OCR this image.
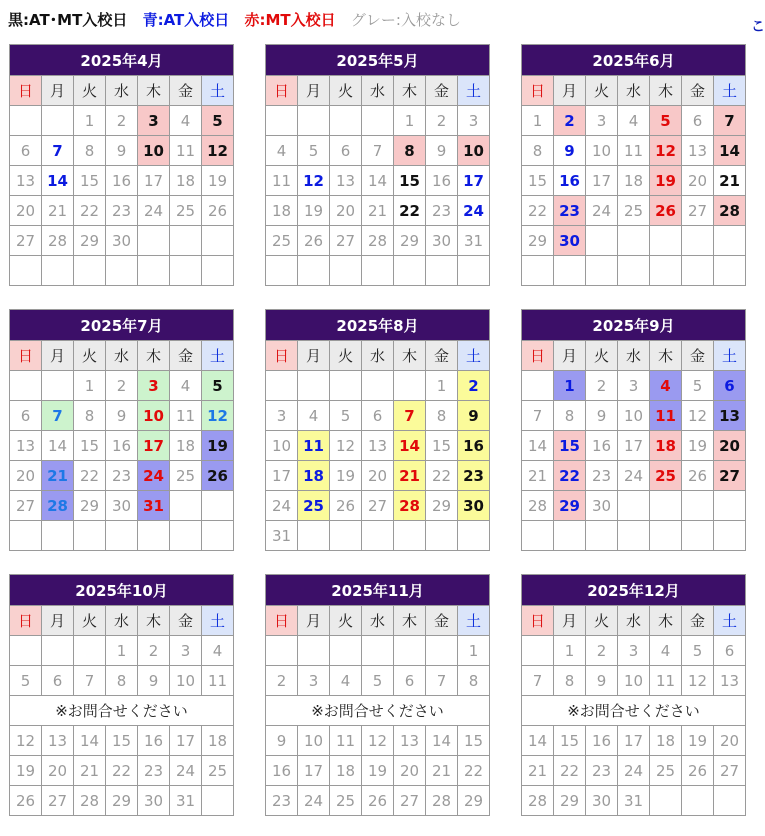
黒:AT･MT入校日 青:AT入校日 赤:MT入校日 グレー:入校なし	こ
2025年4月						
日	月	火	水	木	金	土
		1	2	3	4	5
6	7	8	9	10	11	12
13	14	15	16	17	18	19
20	21	22	23	24	25	26
27	28	29	30			

2025年5月						
日	月	火	水	木	金	土
				1	2	3
4	5	6	7	8	9	10
11	12	13	14	15	16	17
18	19	20	21	22	23	24
25	26	27	28	29	30	31

2025年6月						
日	月	火	水	木	金	土
1	2	3	4	5	6	7
8	9	10	11	12	13	14
15	16	17	18	19	20	21
22	23	24	25	26	27	28
29	30					

2025年7月						
日	月	火	水	木	金	土
		1	2	3	4	5
6	7	8	9	10	11	12
13	14	15	16	17	18	19
20	21	22	23	24	25	26
27	28	29	30	31		

2025年8月						
日	月	火	水	木	金	土
					1	2
3	4	5	6	7	8	9
10	11	12	13	14	15	16
17	18	19	20	21	22	23
24	25	26	27	28	29	30
31						
2025年9月						
日	月	火	水	木	金	土
	1	2	3	4	5	6
7	8	9	10	11	12	13
14	15	16	17	18	19	20
21	22	23	24	25	26	27
28	29	30				

2025年10月						
日	月	火	水	木	金	土
			1	2	3	4
5	6	7	8	9	10	11
※お問合せください						
12	13	14	15	16	17	18
19	20	21	22	23	24	25
26	27	28	29	30	31	
2025年11月						
日	月	火	水	木	金	土
						1
2	3	4	5	6	7	8
※お問合せください						
9	10	11	12	13	14	15
16	17	18	19	20	21	22
23	24	25	26	27	28	29
2025年12月						
日	月	火	水	木	金	土
	1	2	3	4	5	6
7	8	9	10	11	12	13
※お問合せください						
14	15	16	17	18	19	20
21	22	23	24	25	26	27
28	29	30	31			
